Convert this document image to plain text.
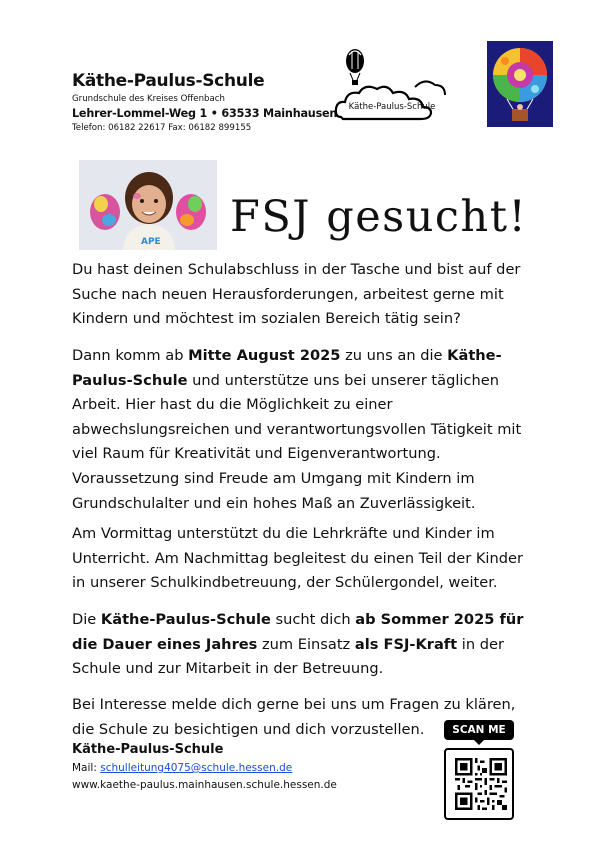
Käthe-Paulus-Schule
Grundschule des Kreises Offenbach
Lehrer-Lommel-Weg 1 • 63533 Mainhausen
Telefon: 06182 22617 Fax: 06182 899155
Käthe-Paulus-Schule
APE FSJ gesucht!
Du hast deinen Schulabschluss in der Tasche und bist auf der Suche nach neuen Herausforderungen, arbeitest gerne mit Kindern und möchtest im sozialen Bereich tätig sein?
Dann komm ab Mitte August 2025 zu uns an die Käthe-Paulus-Schule und unterstütze uns bei unserer täglichen Arbeit. Hier hast du die Möglichkeit zu einer abwechslungsreichen und verantwortungsvollen Tätigkeit mit viel Raum für Kreativität und Eigenverantwortung. Voraussetzung sind Freude am Umgang mit Kindern im Grundschulalter und ein hohes Maß an Zuverlässigkeit.
Am Vormittag unterstützt du die Lehrkräfte und Kinder im Unterricht. Am Nachmittag begleitest du einen Teil der Kinder in unserer Schulkindbetreuung, der Schülergondel, weiter.
Die Käthe-Paulus-Schule sucht dich ab Sommer 2025 für die Dauer eines Jahres zum Einsatz als FSJ-Kraft in der Schule und zur Mitarbeit in der Betreuung.
Bei Interesse melde dich gerne bei uns um Fragen zu klären, die Schule zu besichtigen und dich vorzustellen.
Käthe-Paulus-Schule
Mail: schulleitung4075@schule.hessen.de
www.kaethe-paulus.mainhausen.schule.hessen.de
SCAN ME
